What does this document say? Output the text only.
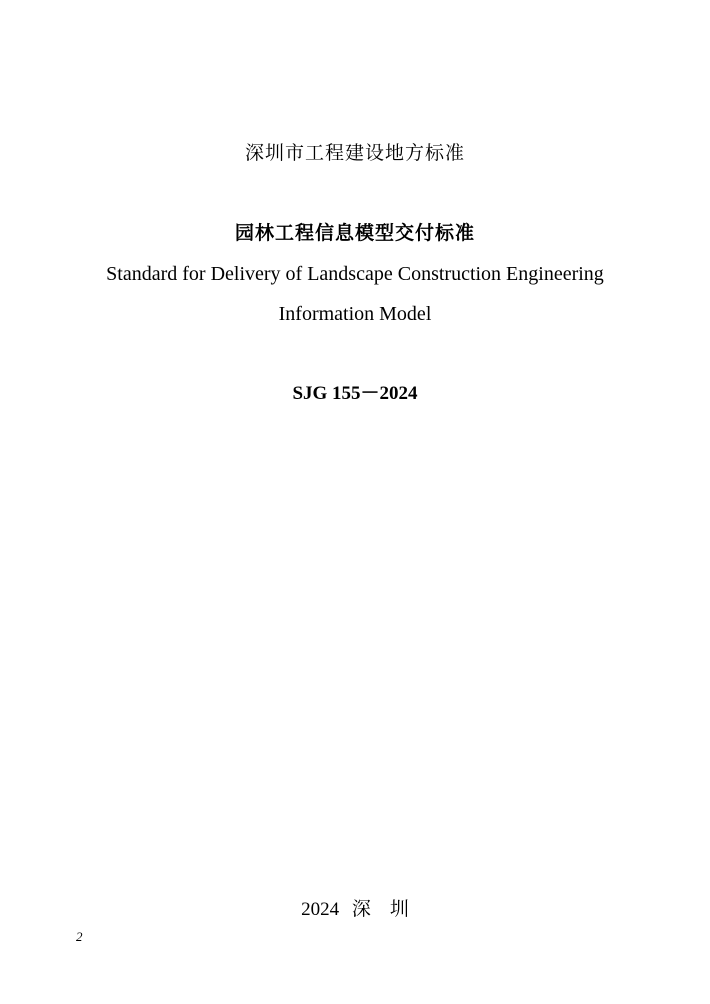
深圳市工程建设地方标准
园林工程信息模型交付标准
Standard for Delivery of Landscape Construction Engineering
Information Model
SJG 155－2024
2024 深　圳
2
